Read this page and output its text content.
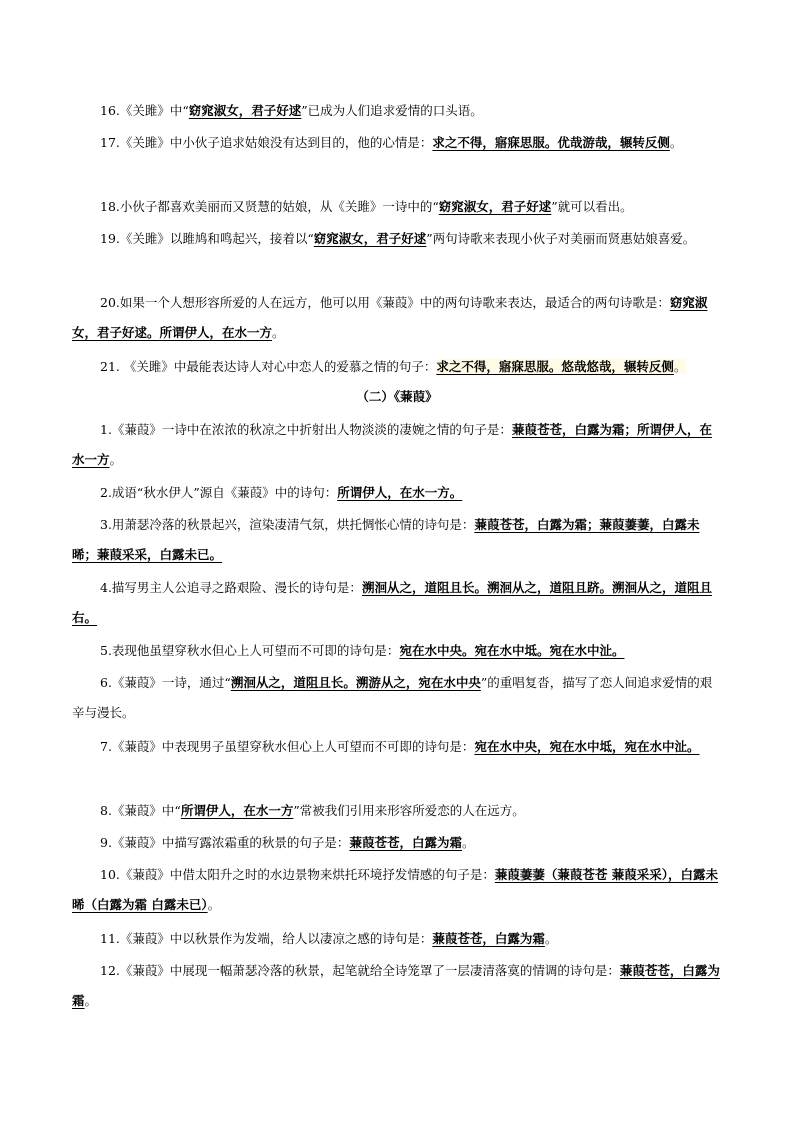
16.《关雎》中“窈窕淑女，君子好逑”已成为人们追求爱情的口头语。
17.《关雎》中小伙子追求姑娘没有达到目的，他的心情是：求之不得，寤寐思服。优哉游哉，辗转反侧。
18.小伙子都喜欢美丽而又贤慧的姑娘，从《关雎》一诗中的“窈窕淑女，君子好逑”就可以看出。
19.《关雎》以雎鸠和鸣起兴，接着以“窈窕淑女，君子好逑”两句诗歌来表现小伙子对美丽而贤惠姑娘喜爱。
20.如果一个人想形容所爱的人在远方，他可以用《蒹葭》中的两句诗歌来表达，最适合的两句诗歌是：窈窕淑女，君子好逑。所谓伊人，在水一方。
21. 《关雎》中最能表达诗人对心中恋人的爱慕之情的句子：求之不得，寤寐思服。悠哉悠哉，辗转反侧。
（二）《蒹葭》
1.《蒹葭》一诗中在浓浓的秋凉之中折射出人物淡淡的凄婉之情的句子是：蒹葭苍苍，白露为霜；所谓伊人，在水一方。
2.成语“秋水伊人”源自《蒹葭》中的诗句：所谓伊人，在水一方。
3.用萧瑟冷落的秋景起兴，渲染凄清气氛，烘托惆怅心情的诗句是：蒹葭苍苍，白露为霜；蒹葭萋萋，白露未晞；蒹葭采采，白露未已。
4.描写男主人公追寻之路艰险、漫长的诗句是：溯洄从之，道阻且长。溯洄从之，道阻且跻。溯洄从之，道阻且右。
5.表现他虽望穿秋水但心上人可望而不可即的诗句是：宛在水中央。宛在水中坻。宛在水中沚。
6.《蒹葭》一诗，通过“溯洄从之，道阻且长。溯游从之，宛在水中央”的重唱复沓，描写了恋人间追求爱情的艰辛与漫长。
7.《蒹葭》中表现男子虽望穿秋水但心上人可望而不可即的诗句是：宛在水中央，宛在水中坻，宛在水中沚。
8.《蒹葭》中“所谓伊人，在水一方”常被我们引用来形容所爱恋的人在远方。
9.《蒹葭》中描写露浓霜重的秋景的句子是：蒹葭苍苍，白露为霜。
10.《蒹葭》中借太阳升之时的水边景物来烘托环境抒发情感的句子是：蒹葭萋萋（蒹葭苍苍 蒹葭采采），白露未晞（白露为霜 白露未已）。
11.《蒹葭》中以秋景作为发端，给人以凄凉之感的诗句是：蒹葭苍苍，白露为霜。
12.《蒹葭》中展现一幅萧瑟冷落的秋景，起笔就给全诗笼罩了一层凄清落寞的情调的诗句是：蒹葭苍苍，白露为霜。
